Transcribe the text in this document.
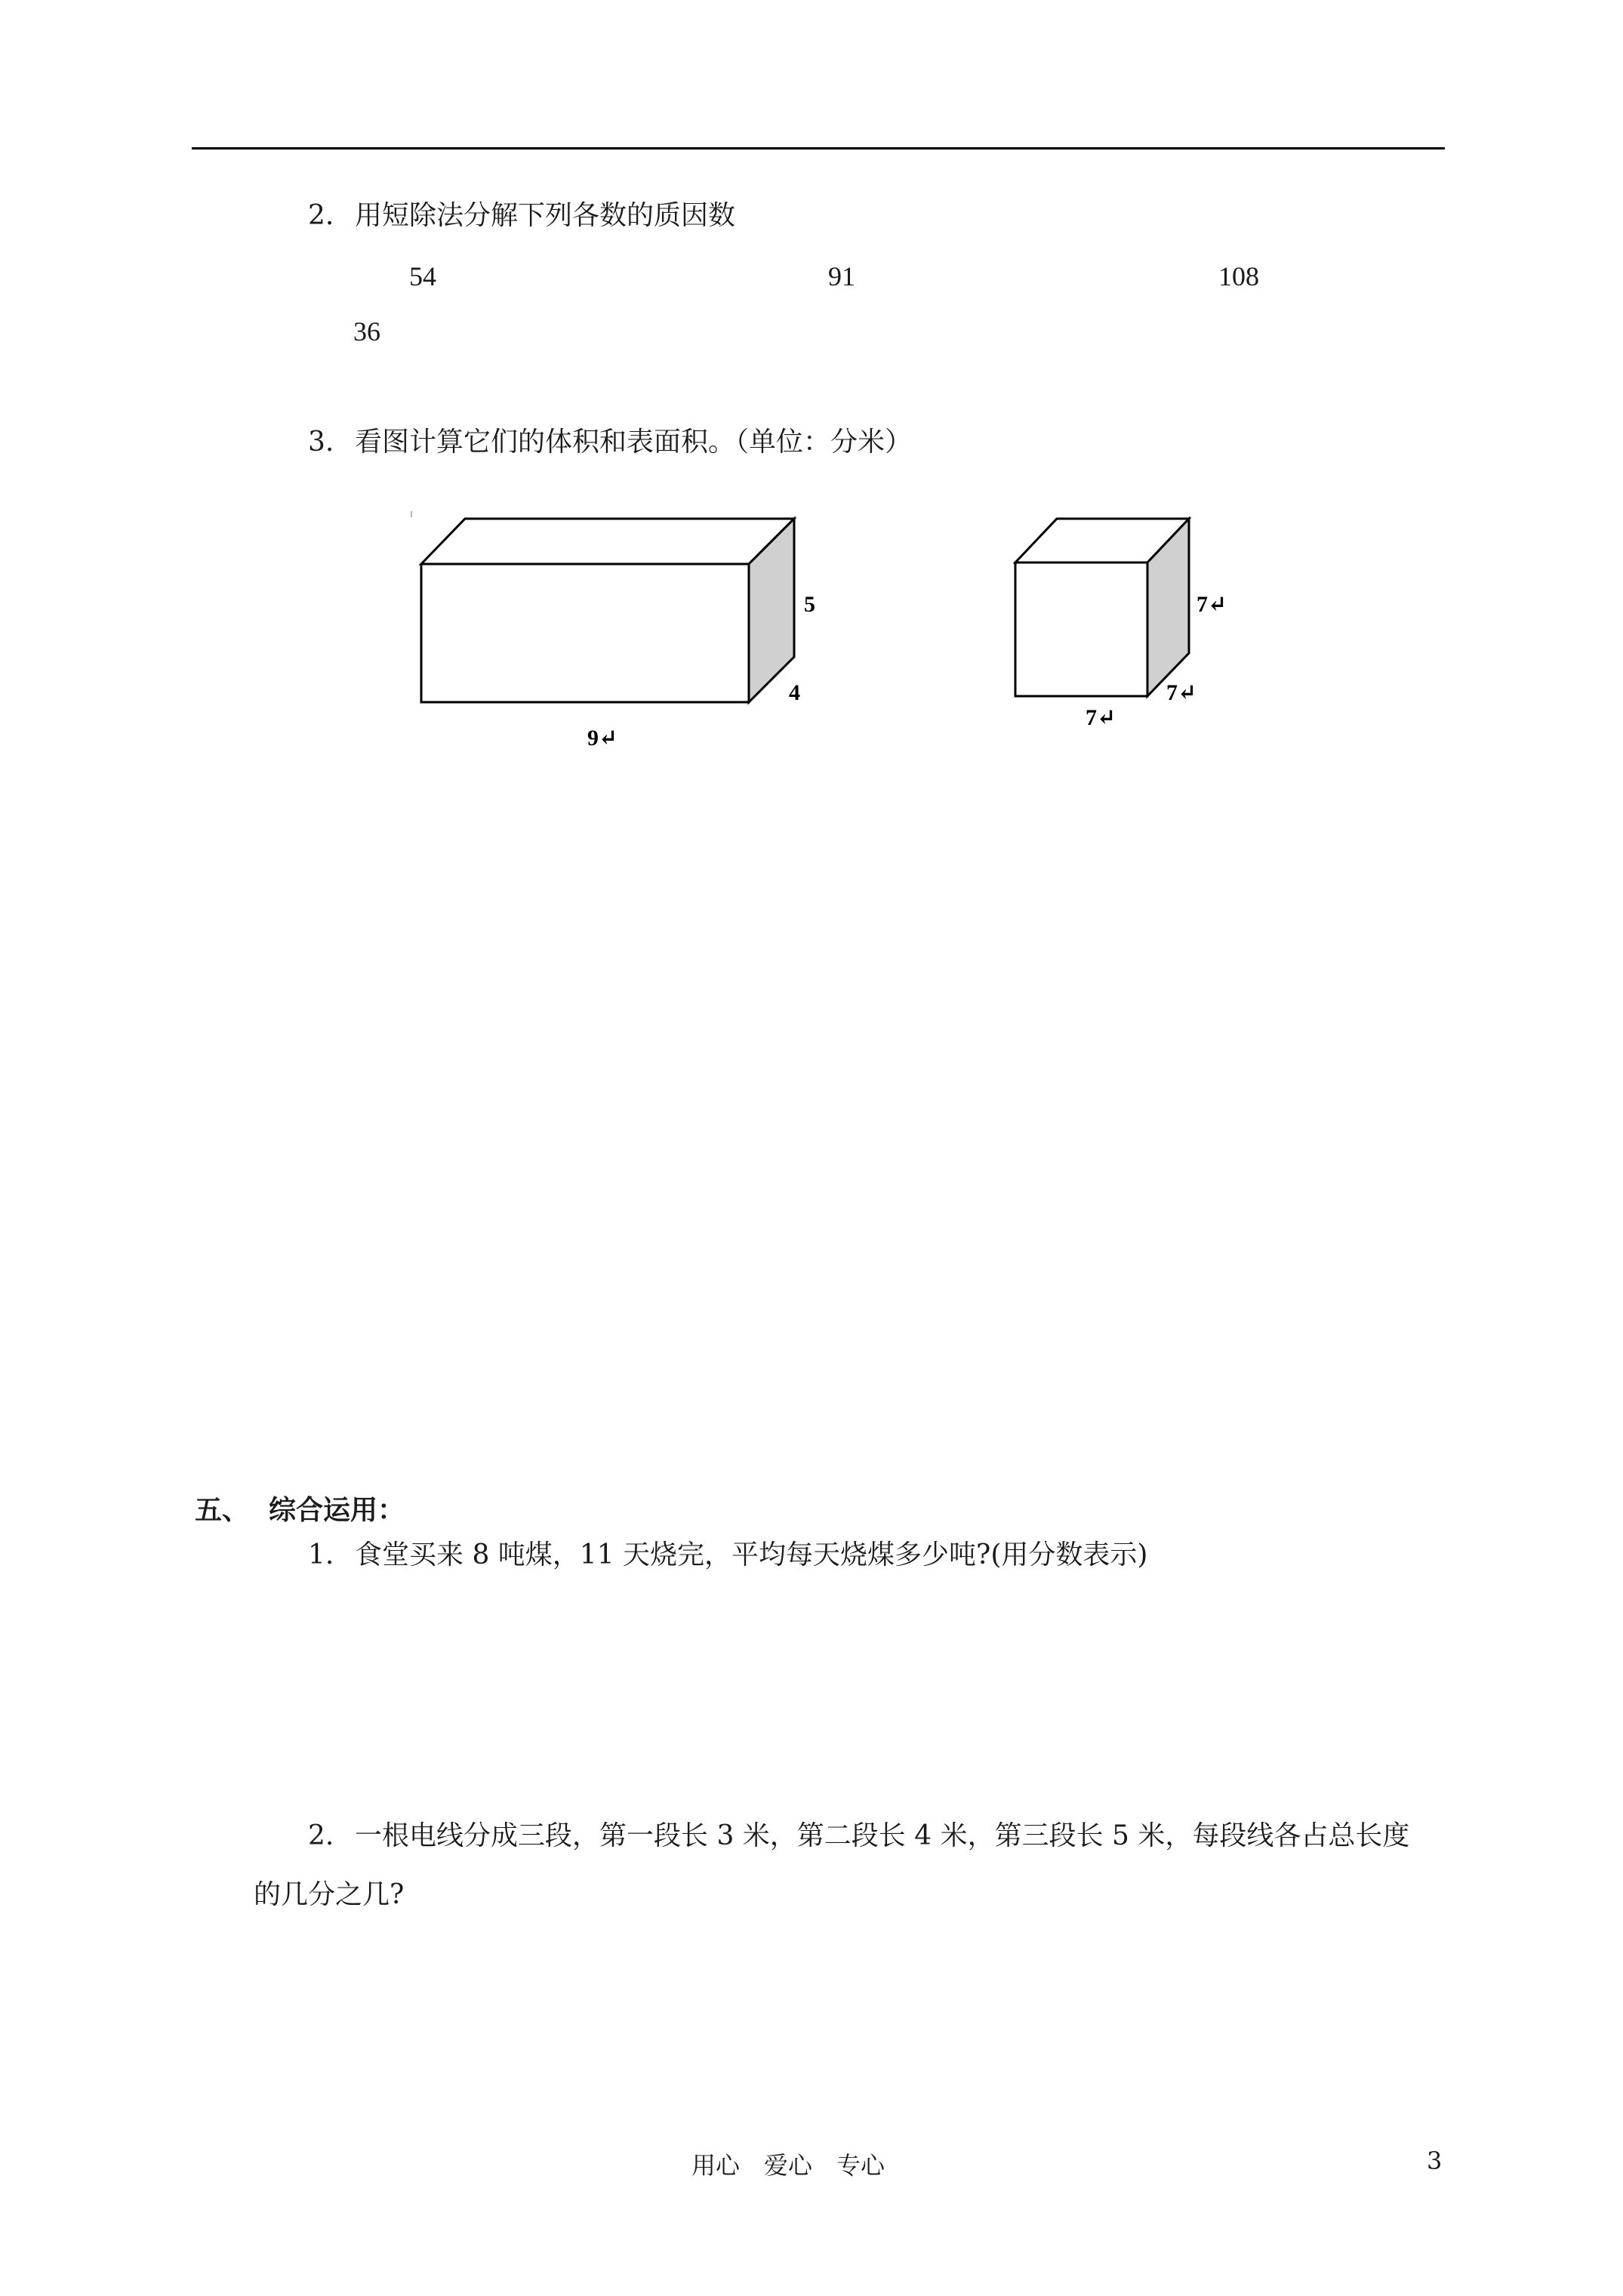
2. 用短除法分解下列各数的质因数
54	91	108
36
3. 看图计算它们的体积和表面积。（单位：分米）
5
4
9↵
7↵
7↵
7↵
五、 综合运用：
1. 食堂买来 8 吨煤，11 天烧完，平均每天烧煤多少吨?(用分数表示)
2. 一根电线分成三段，第一段长 3 米，第二段长 4 米，第三段长 5 米，每段线各占总长度
的几分之几?
用心　爱心　专心	3
